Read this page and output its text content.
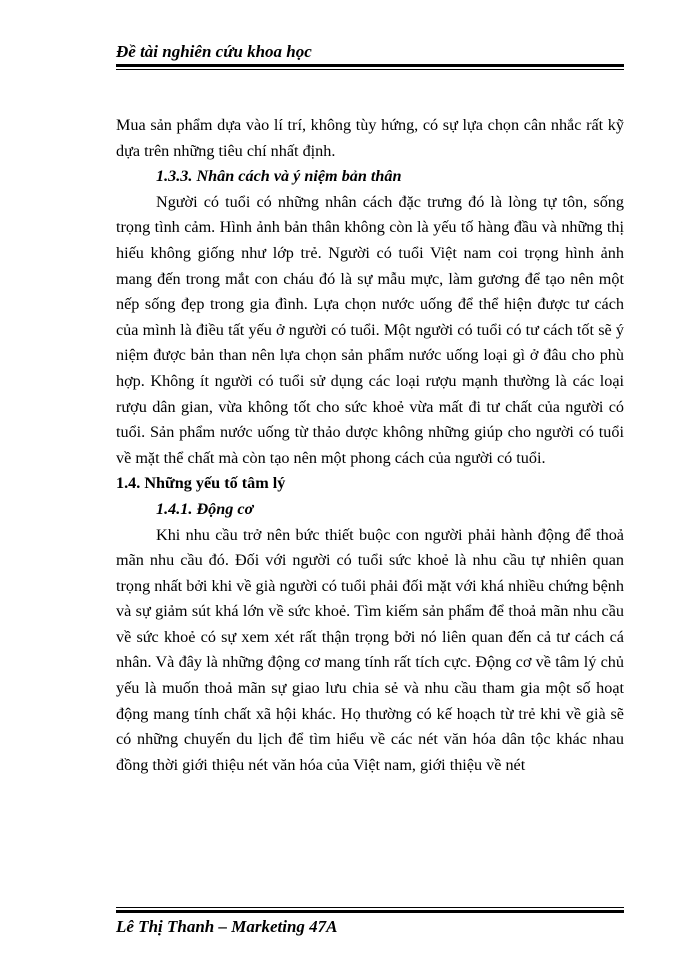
Đề tài nghiên cứu khoa học

Mua sản phẩm dựa vào lí trí, không tùy hứng, có sự lựa chọn cân nhắc rất kỹ dựa trên những tiêu chí nhất định.

1.3.3. Nhân cách và ý niệm bản thân

Người có tuổi có những nhân cách đặc trưng đó là lòng tự tôn, sống trọng tình cảm. Hình ảnh bản thân không còn là yếu tố hàng đầu và những thị hiếu không giống như lớp trẻ. Người có tuổi Việt nam coi trọng hình ảnh mang đến trong mắt con cháu đó là sự mẫu mực, làm gương để tạo nên một nếp sống đẹp trong gia đình. Lựa chọn nước uống để thể hiện được tư cách của mình là điều tất yếu ở người có tuổi. Một người có tuổi có tư cách tốt sẽ ý niệm được bản than nên lựa chọn sản phẩm nước uống loại gì ở đâu cho phù hợp. Không ít người có tuổi sử dụng các loại rượu mạnh thường là các loại rượu dân gian, vừa không tốt cho sức khoẻ vừa mất đi tư chất của người có tuổi. Sản phẩm nước uống từ thảo dược không những giúp cho người có tuổi về mặt thể chất mà còn tạo nên một phong cách của người có tuổi.

1.4. Những yếu tố tâm lý

1.4.1. Động cơ

Khi nhu cầu trở nên bức thiết buộc con người phải hành động để thoả mãn nhu cầu đó. Đối với người có tuổi sức khoẻ là nhu cầu tự nhiên quan trọng nhất bởi khi về già người có tuổi phải đối mặt với khá nhiều chứng bệnh và sự giảm sút khá lớn về sức khoẻ. Tìm kiếm sản phẩm để thoả mãn nhu cầu về sức khoẻ có sự xem xét rất thận trọng bởi nó liên quan đến cả tư cách cá nhân. Và đây là những động cơ mang tính rất tích cực. Động cơ về tâm lý chủ yếu là muốn thoả mãn sự giao lưu chia sẻ và nhu cầu tham gia một số hoạt động mang tính chất xã hội khác. Họ thường có kế hoạch từ trẻ khi về già sẽ có những chuyến du lịch để tìm hiểu về các nét văn hóa dân tộc khác nhau đồng thời giới thiệu nét văn hóa của Việt nam, giới thiệu về nét

Lê Thị Thanh – Marketing 47A
